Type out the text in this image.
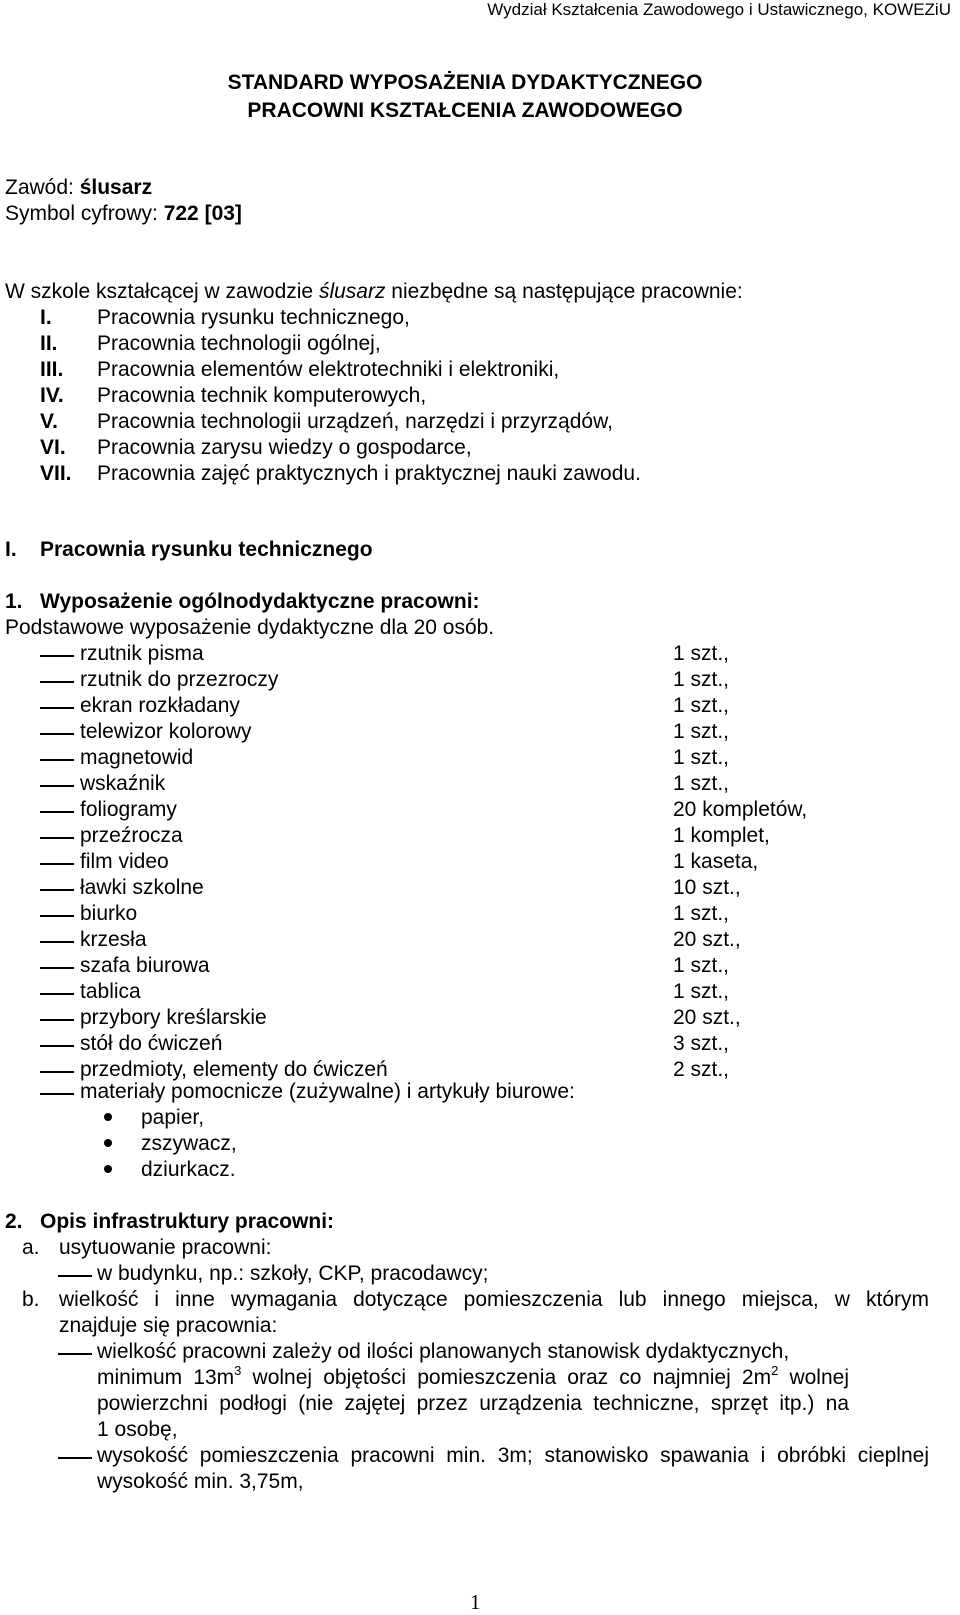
Wydział Kształcenia Zawodowego i Ustawicznego, KOWEZiU
STANDARD WYPOSAŻENIA DYDAKTYCZNEGO
PRACOWNI KSZTAŁCENIA ZAWODOWEGO
Zawód: ślusarz
Symbol cyfrowy: 722 [03]
W szkole kształcącej w zawodzie ślusarz niezbędne są następujące pracownie:
I.	Pracownia rysunku technicznego,
II.	Pracownia technologii ogólnej,
III.	Pracownia elementów elektrotechniki i elektroniki,
IV.	Pracownia technik komputerowych,
V.	Pracownia technologii urządzeń, narzędzi i przyrządów,
VI.	Pracownia zarysu wiedzy o gospodarce,
VII.	Pracownia zajęć praktycznych i praktycznej nauki zawodu.
I. Pracownia rysunku technicznego
1. Wyposażenie ogólnodydaktyczne pracowni:
Podstawowe wyposażenie dydaktyczne dla 20 osób.
rzutnik pisma	1 szt.,
rzutnik do przezroczy	1 szt.,
ekran rozkładany	1 szt.,
telewizor kolorowy	1 szt.,
magnetowid	1 szt.,
wskaźnik	1 szt.,
foliogramy	20 kompletów,
przeźrocza	1 komplet,
film video	1 kaseta,
ławki szkolne	10 szt.,
biurko	1 szt.,
krzesła	20 szt.,
szafa biurowa	1 szt.,
tablica	1 szt.,
przybory kreślarskie	20 szt.,
stół do ćwiczeń	3 szt.,
przedmioty, elementy do ćwiczeń	2 szt.,
materiały pomocnicze (zużywalne) i artykuły biurowe:
papier,
zszywacz,
dziurkacz.
2. Opis infrastruktury pracowni:
a. usytuowanie pracowni:
w budynku, np.: szkoły, CKP, pracodawcy;
b. wielkość i inne wymagania dotyczące pomieszczenia lub innego miejsca, w którym
znajduje się pracownia:
wielkość pracowni zależy od ilości planowanych stanowisk dydaktycznych,
minimum $13m^3$ wolnej objętości pomieszczenia oraz co najmniej $2m^2$ wolnej
powierzchni podłogi (nie zajętej przez urządzenia techniczne, sprzęt itp.) na
1 osobę,
wysokość pomieszczenia pracowni min. 3m; stanowisko spawania i obróbki cieplnej
wysokość min. 3,75m,
1
